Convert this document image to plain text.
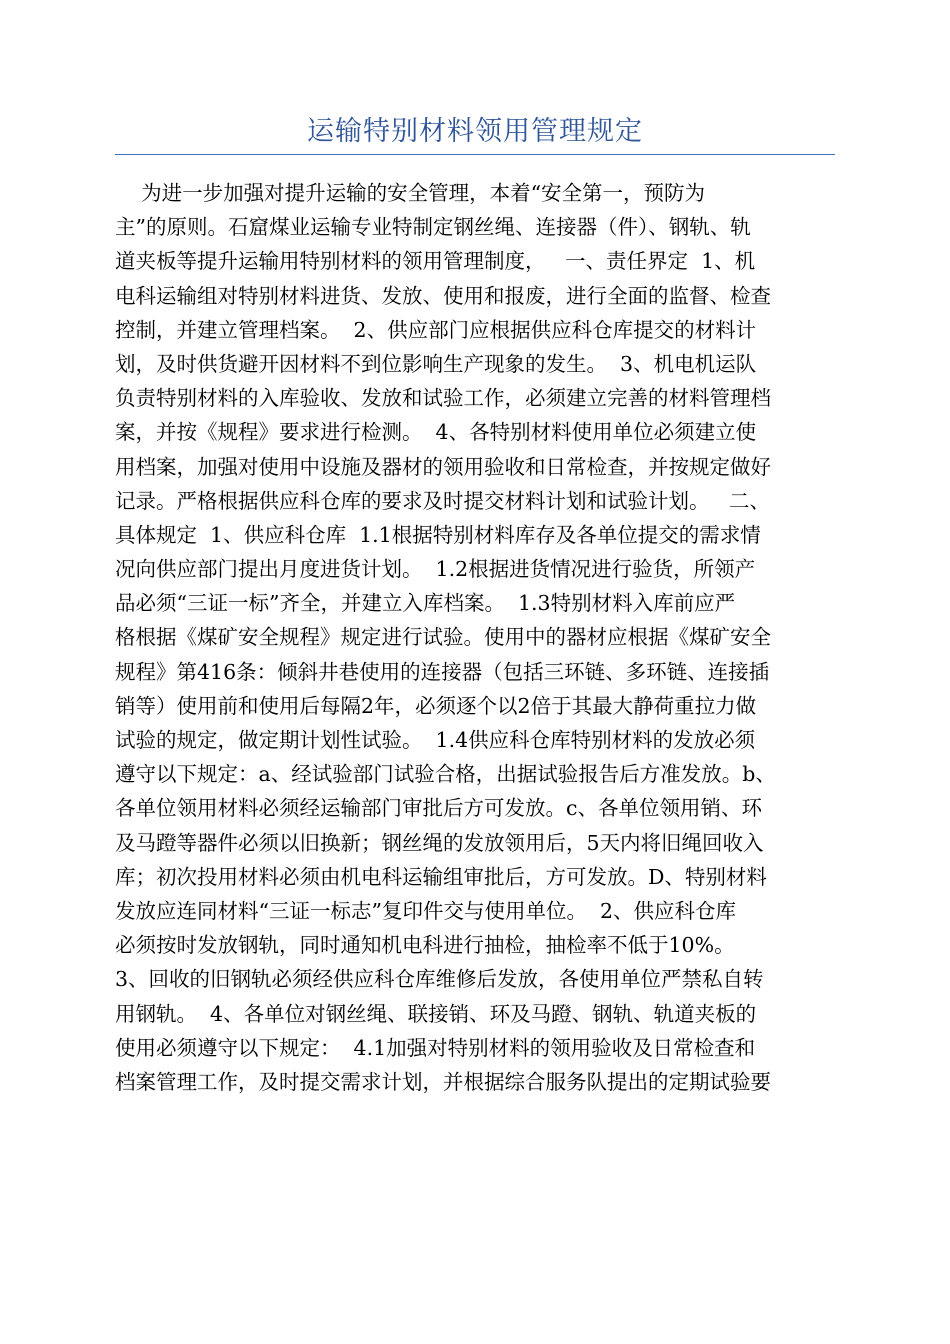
运输特别材料领用管理规定
为进一步加强对提升运输的安全管理，本着“安全第一，预防为
主”的原则。石窟煤业运输专业特制定钢丝绳、连接器（件）、钢轨、轨
道夹板等提升运输用特别材料的领用管理制度，   一、责任界定  1、机
电科运输组对特别材料进货、发放、使用和报废，进行全面的监督、检查
控制，并建立管理档案。  2、供应部门应根据供应科仓库提交的材料计
划，及时供货避开因材料不到位影响生产现象的发生。  3、机电机运队
负责特别材料的入库验收、发放和试验工作，必须建立完善的材料管理档
案，并按《规程》要求进行检测。  4、各特别材料使用单位必须建立使
用档案，加强对使用中设施及器材的领用验收和日常检查，并按规定做好
记录。严格根据供应科仓库的要求及时提交材料计划和试验计划。   二、
具体规定  1、供应科仓库  1.1根据特别材料库存及各单位提交的需求情
况向供应部门提出月度进货计划。  1.2根据进货情况进行验货，所领产
品必须“三证一标”齐全，并建立入库档案。  1.3特别材料入库前应严
格根据《煤矿安全规程》规定进行试验。使用中的器材应根据《煤矿安全
规程》第416条：倾斜井巷使用的连接器（包括三环链、多环链、连接插
销等）使用前和使用后每隔2年，必须逐个以2倍于其最大静荷重拉力做
试验的规定，做定期计划性试验。  1.4供应科仓库特别材料的发放必须
遵守以下规定：a、经试验部门试验合格，出据试验报告后方准发放。b、
各单位领用材料必须经运输部门审批后方可发放。c、各单位领用销、环
及马蹬等器件必须以旧换新；钢丝绳的发放领用后，5天内将旧绳回收入
库；初次投用材料必须由机电科运输组审批后，方可发放。D、特别材料
发放应连同材料“三证一标志”复印件交与使用单位。  2、供应科仓库
必须按时发放钢轨，同时通知机电科进行抽检，抽检率不低于10%。
3、回收的旧钢轨必须经供应科仓库维修后发放，各使用单位严禁私自转
用钢轨。  4、各单位对钢丝绳、联接销、环及马蹬、钢轨、轨道夹板的
使用必须遵守以下规定：  4.1加强对特别材料的领用验收及日常检查和
档案管理工作，及时提交需求计划，并根据综合服务队提出的定期试验要
